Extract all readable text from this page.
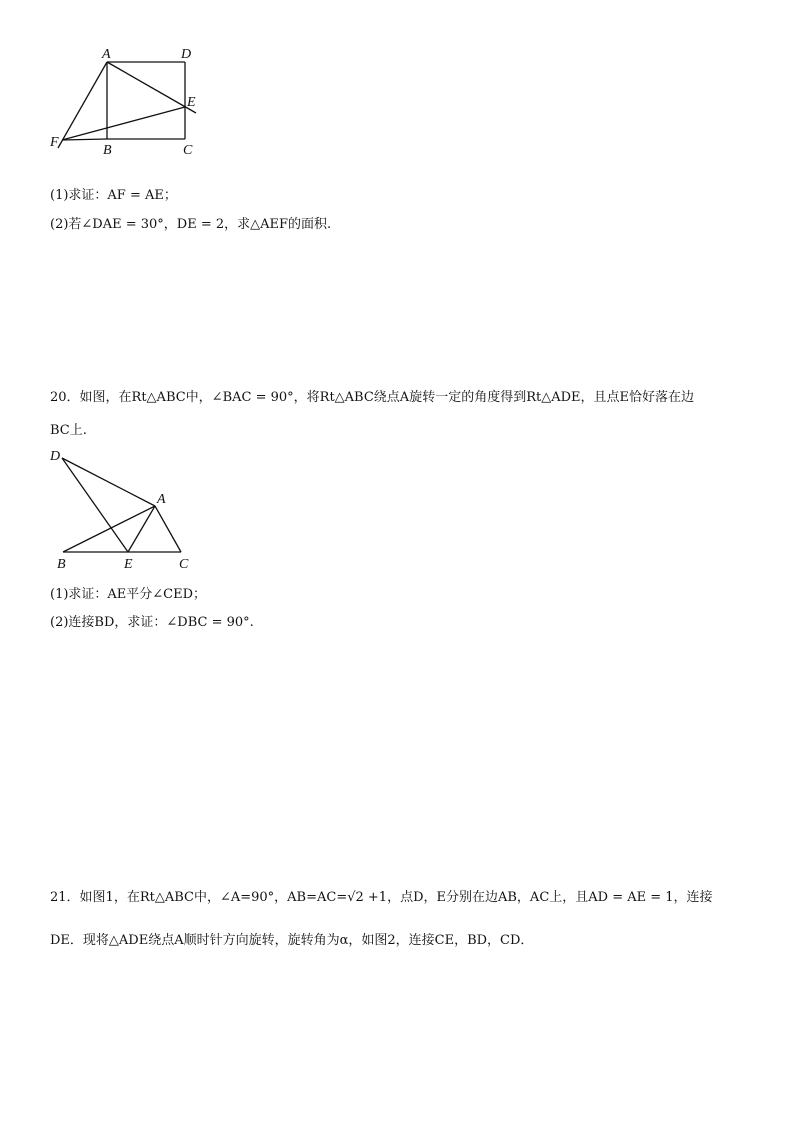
A	D
E
F
B	C
(1)求证：AF = AE；
(2)若∠DAE = 30°，DE = 2，求△AEF的面积.
20．如图，在Rt△ABC中，∠BAC = 90°，将Rt△ABC绕点A旋转一定的角度得到Rt△ADE，且点E恰好落在边
BC上.
D
A
B	E	C
(1)求证：AE平分∠CED；
(2)连接BD，求证：∠DBC = 90°.
21．如图1，在Rt△ABC中，∠A=90°，AB=AC=√2 +1，点D，E分别在边AB，AC上，且AD = AE = 1，连接
DE．现将△ADE绕点A顺时针方向旋转，旋转角为α，如图2，连接CE，BD，CD．
